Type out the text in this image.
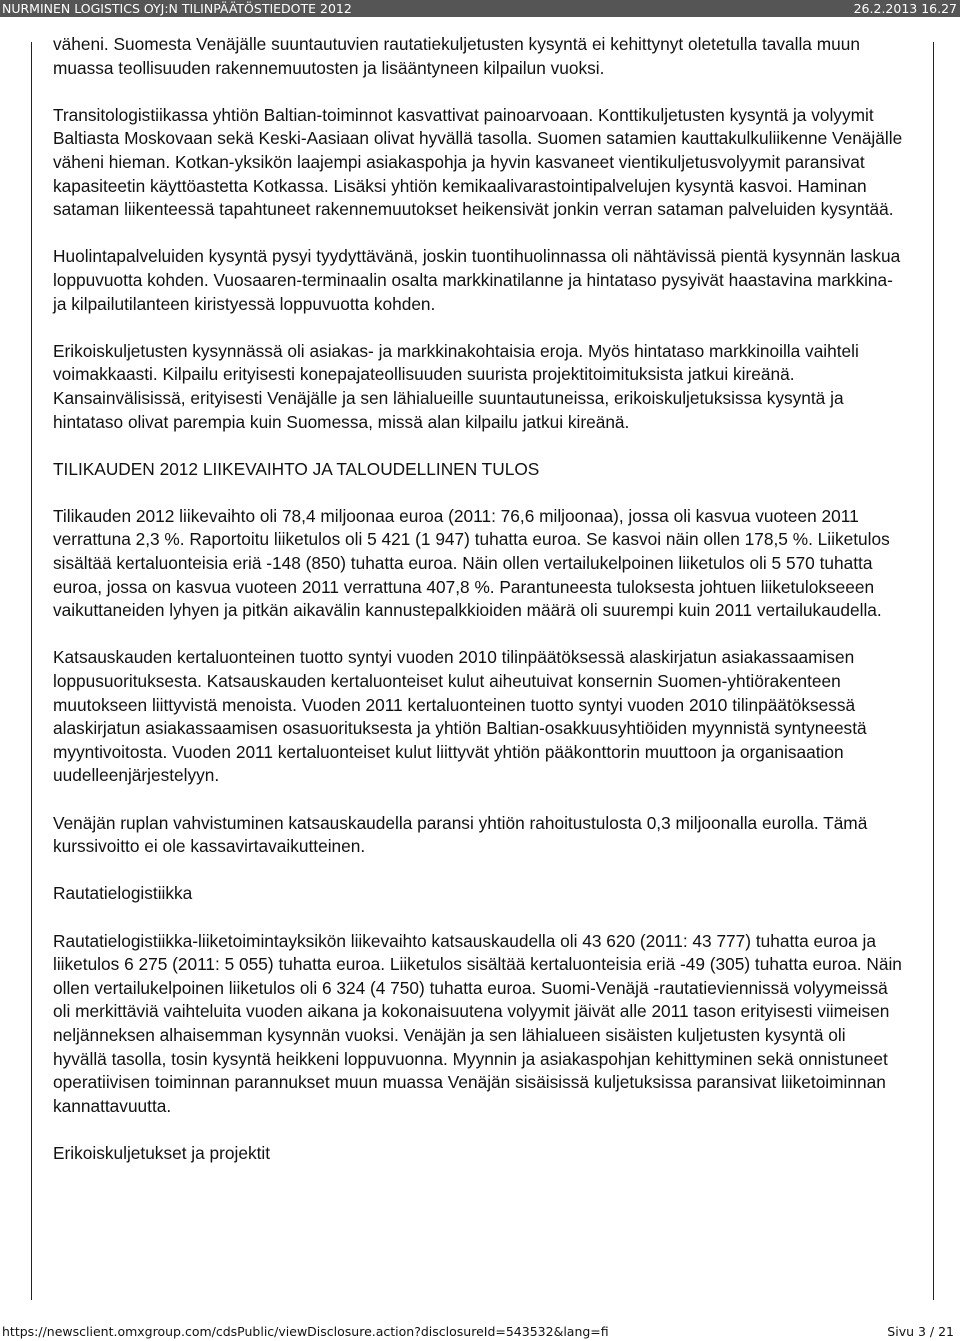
NURMINEN LOGISTICS OYJ:N TILINPÄÄTÖSTIEDOTE 2012	26.2.2013 16.27

väheni. Suomesta Venäjälle suuntautuvien rautatiekuljetusten kysyntä ei kehittynyt oletetulla tavalla muun muassa teollisuuden rakennemuutosten ja lisääntyneen kilpailun vuoksi.

Transitologistiikassa yhtiön Baltian-toiminnot kasvattivat painoarvoaan. Konttikuljetusten kysyntä ja volyymit Baltiasta Moskovaan sekä Keski-Aasiaan olivat hyvällä tasolla. Suomen satamien kauttakulkuliikenne Venäjälle väheni hieman. Kotkan-yksikön laajempi asiakaspohja ja hyvin kasvaneet vientikuljetusvolyymit paransivat kapasiteetin käyttöastetta Kotkassa. Lisäksi yhtiön kemikaalivarastointipalvelujen kysyntä kasvoi. Haminan sataman liikenteessä tapahtuneet rakennemuutokset heikensivät jonkin verran sataman palveluiden kysyntää.

Huolintapalveluiden kysyntä pysyi tyydyttävänä, joskin tuontihuolinnassa oli nähtävissä pientä kysynnän laskua loppuvuotta kohden. Vuosaaren-terminaalin osalta markkinatilanne ja hintataso pysyivät haastavina markkina- ja kilpailutilanteen kiristyessä loppuvuotta kohden.

Erikoiskuljetusten kysynnässä oli asiakas- ja markkinakohtaisia eroja. Myös hintataso markkinoilla vaihteli voimakkaasti. Kilpailu erityisesti konepajateollisuuden suurista projektitoimituksista jatkui kireänä. Kansainvälisissä, erityisesti Venäjälle ja sen lähialueille suuntautuneissa, erikoiskuljetuksissa kysyntä ja hintataso olivat parempia kuin Suomessa, missä alan kilpailu jatkui kireänä.

TILIKAUDEN 2012 LIIKEVAIHTO JA TALOUDELLINEN TULOS

Tilikauden 2012 liikevaihto oli 78,4 miljoonaa euroa (2011: 76,6 miljoonaa), jossa oli kasvua vuoteen 2011 verrattuna 2,3 %. Raportoitu liiketulos oli 5 421 (1 947) tuhatta euroa. Se kasvoi näin ollen 178,5 %. Liiketulos sisältää kertaluonteisia eriä -148 (850) tuhatta euroa. Näin ollen vertailukelpoinen liiketulos oli 5 570 tuhatta euroa, jossa on kasvua vuoteen 2011 verrattuna 407,8 %. Parantuneesta tuloksesta johtuen liiketulokseeen vaikuttaneiden lyhyen ja pitkän aikavälin kannustepalkkioiden määrä oli suurempi kuin 2011 vertailukaudella.

Katsauskauden kertaluonteinen tuotto syntyi vuoden 2010 tilinpäätöksessä alaskirjatun asiakassaamisen loppusuorituksesta. Katsauskauden kertaluonteiset kulut aiheutuivat konsernin Suomen-yhtiörakenteen muutokseen liittyvistä menoista. Vuoden 2011 kertaluonteinen tuotto syntyi vuoden 2010 tilinpäätöksessä alaskirjatun asiakassaamisen osasuorituksesta ja yhtiön Baltian-osakkuusyhtiöiden myynnistä syntyneestä myyntivoitosta. Vuoden 2011 kertaluonteiset kulut liittyvät yhtiön pääkonttorin muuttoon ja organisaation uudelleenjärjestelyyn.

Venäjän ruplan vahvistuminen katsauskaudella paransi yhtiön rahoitustulosta 0,3 miljoonalla eurolla. Tämä kurssivoitto ei ole kassavirtavaikutteinen.

Rautatielogistiikka

Rautatielogistiikka-liiketoimintayksikön liikevaihto katsauskaudella oli 43 620 (2011: 43 777) tuhatta euroa ja liiketulos 6 275 (2011: 5 055) tuhatta euroa. Liiketulos sisältää kertaluonteisia eriä -49 (305) tuhatta euroa. Näin ollen vertailukelpoinen liiketulos oli 6 324 (4 750) tuhatta euroa. Suomi-Venäjä -rautatieviennissä volyymeissä oli merkittäviä vaihteluita vuoden aikana ja kokonaisuutena volyymit jäivät alle 2011 tason erityisesti viimeisen neljänneksen alhaisemman kysynnän vuoksi. Venäjän ja sen lähialueen sisäisten kuljetusten kysyntä oli hyvällä tasolla, tosin kysyntä heikkeni loppuvuonna. Myynnin ja asiakaspohjan kehittyminen sekä onnistuneet operatiivisen toiminnan parannukset muun muassa Venäjän sisäisissä kuljetuksissa paransivat liiketoiminnan kannattavuutta.

Erikoiskuljetukset ja projektit
https://newsclient.omxgroup.com/cdsPublic/viewDisclosure.action?disclosureId=543532&lang=fi	Sivu 3 / 21
